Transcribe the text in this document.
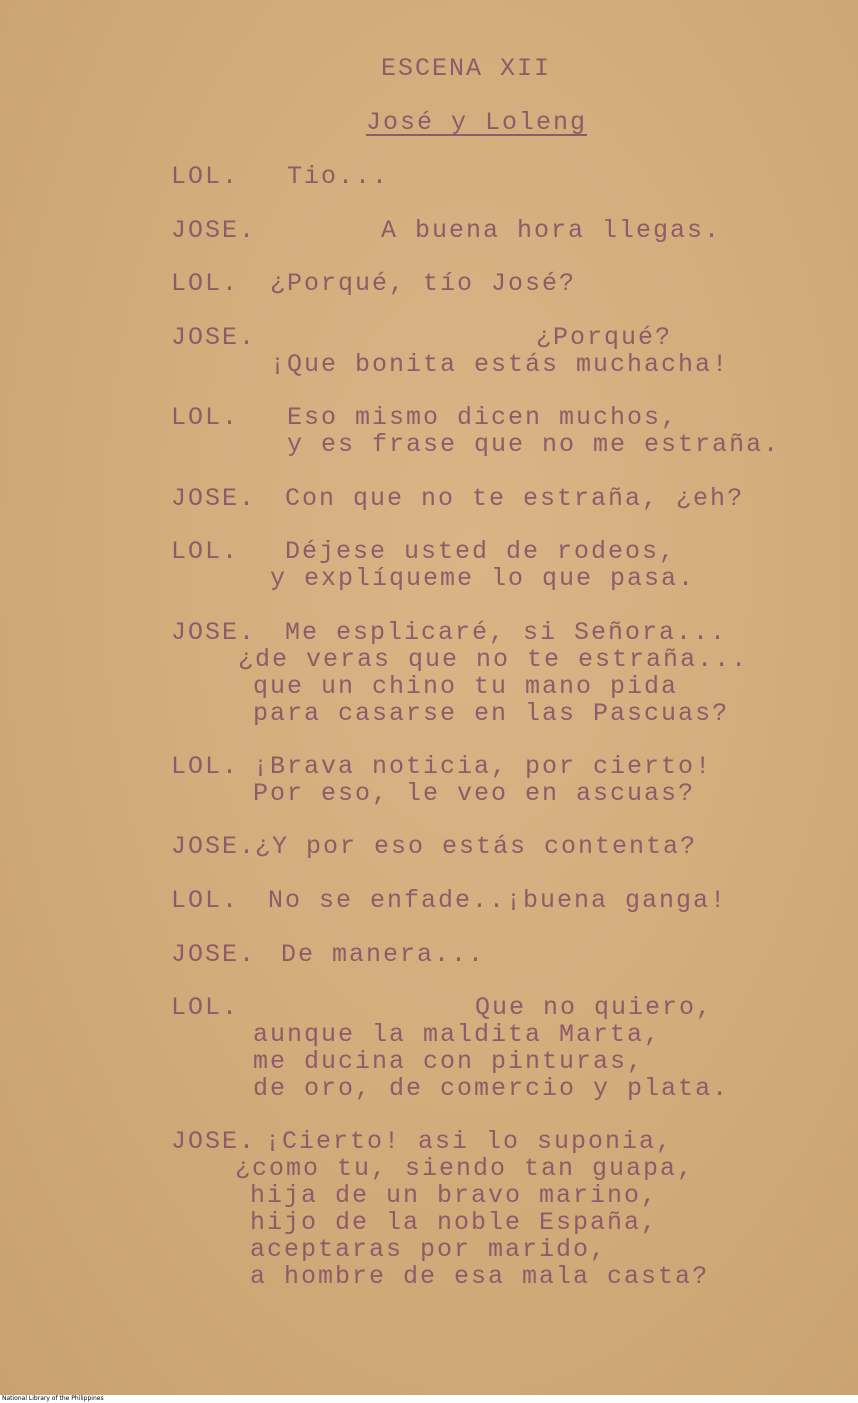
ESCENA XII
José y Loleng
LOL. Tio...
JOSE.	A buena hora llegas.
LOL. ¿Porqué, tío José?
JOSE.	¿Porqué?
¡Que bonita estás muchacha!
LOL. Eso mismo dicen muchos,
y es frase que no me estraña.
JOSE. Con que no te estraña, ¿eh?
LOL. Déjese usted de rodeos,
y explíqueme lo que pasa.
JOSE. Me esplicaré, si Señora...
¿de veras que no te estraña...
que un chino tu mano pida
para casarse en las Pascuas?
LOL. ¡Brava noticia, por cierto!
Por eso, le veo en ascuas?
JOSE.
¿Y por eso estás contenta?
LOL. No se enfade..¡buena ganga!
JOSE. De manera...
LOL.	Que no quiero,
aunque la maldita Marta,
me ducina con pinturas,
de oro, de comercio y plata.
JOSE. ¡Cierto! asi lo suponia,
¿como tu, siendo tan guapa,
hija de un bravo marino,
hijo de la noble España,
aceptaras por marido,
a hombre de esa mala casta?
National Library of the Philippines
